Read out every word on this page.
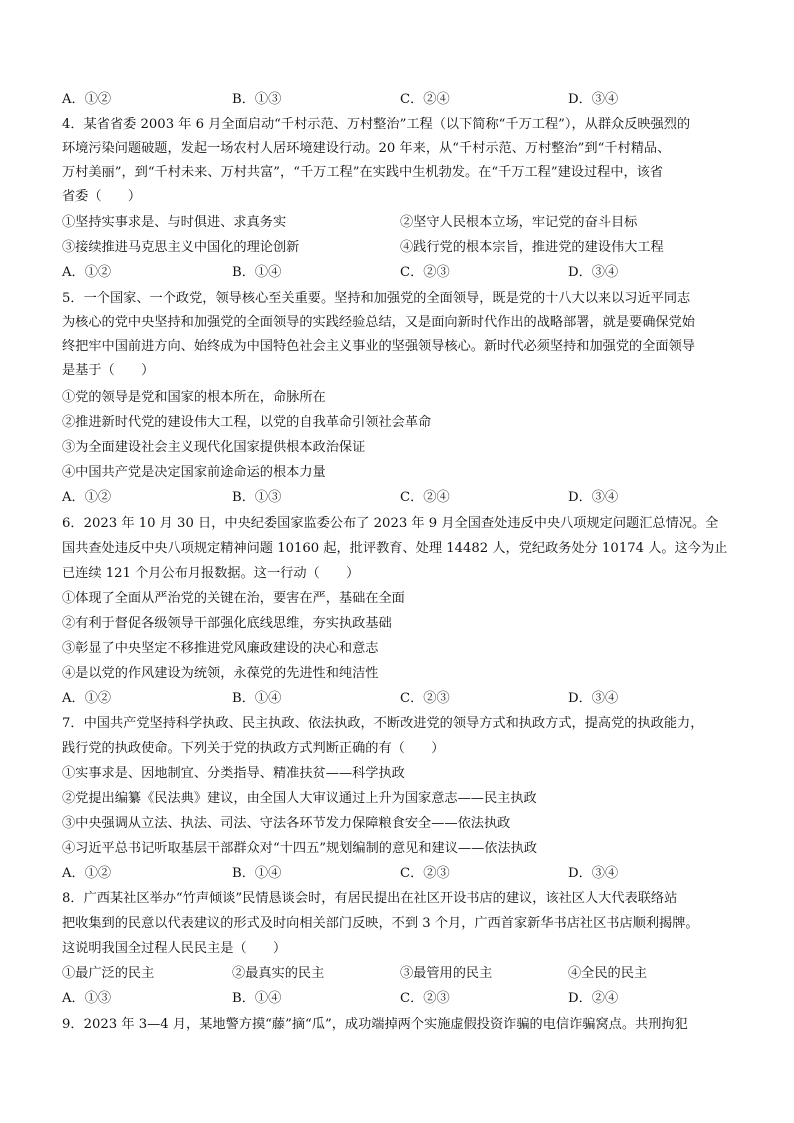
A．①②	B．①③	C．②④	D．③④
4．某省省委 2003 年 6 月全面启动“千村示范、万村整治”工程（以下简称“千万工程”），从群众反映强烈的
环境污染问题破题，发起一场农村人居环境建设行动。20 年来，从“千村示范、万村整治”到“千村精品、
万村美丽”，到“千村未来、万村共富”，“千万工程”在实践中生机勃发。在“千万工程”建设过程中，该省
省委（　　）
①坚持实事求是、与时俱进、求真务实	②坚守人民根本立场，牢记党的奋斗目标
③接续推进马克思主义中国化的理论创新	④践行党的根本宗旨，推进党的建设伟大工程
A．①②	B．①④	C．②③	D．③④
5．一个国家、一个政党，领导核心至关重要。坚持和加强党的全面领导，既是党的十八大以来以习近平同志
为核心的党中央坚持和加强党的全面领导的实践经验总结，又是面向新时代作出的战略部署，就是要确保党始
终把牢中国前进方向、始终成为中国特色社会主义事业的坚强领导核心。新时代必须坚持和加强党的全面领导
是基于（　　）
①党的领导是党和国家的根本所在，命脉所在
②推进新时代党的建设伟大工程，以党的自我革命引领社会革命
③为全面建设社会主义现代化国家提供根本政治保证
④中国共产党是决定国家前途命运的根本力量
A．①②	B．①③	C．②④	D．③④
6．2023 年 10 月 30 日，中央纪委国家监委公布了 2023 年 9 月全国查处违反中央八项规定问题汇总情况。全
国共查处违反中央八项规定精神问题 10160 起，批评教育、处理 14482 人，党纪政务处分 10174 人。这今为止
已连续 121 个月公布月报数据。这一行动（　　）
①体现了全面从严治党的关键在治，要害在严，基础在全面
②有利于督促各级领导干部强化底线思维，夯实执政基础
③彰显了中央坚定不移推进党风廉政建设的决心和意志
④是以党的作风建设为统领，永葆党的先进性和纯洁性
A．①②	B．①④	C．②③	D．③④
7．中国共产党坚持科学执政、民主执政、依法执政，不断改进党的领导方式和执政方式，提高党的执政能力，
践行党的执政使命。下列关于党的执政方式判断正确的有（　　）
①实事求是、因地制宜、分类指导、精准扶贫——科学执政
②党提出编纂《民法典》建议，由全国人大审议通过上升为国家意志——民主执政
③中央强调从立法、执法、司法、守法各环节发力保障粮食安全——依法执政
④习近平总书记听取基层干部群众对“十四五”规划编制的意见和建议——依法执政
A．①②	B．①④	C．②③	D．③④
8．广西某社区举办“竹声倾谈”民情恳谈会时，有居民提出在社区开设书店的建议，该社区人大代表联络站
把收集到的民意以代表建议的形式及时向相关部门反映，不到 3 个月，广西首家新华书店社区书店顺利揭牌。
这说明我国全过程人民民主是（　　）
①最广泛的民主	②最真实的民主	③最管用的民主	④全民的民主
A．①③	B．①④	C．②③	D．②④
9．2023 年 3—4 月，某地警方摸“藤”摘“瓜”，成功端掉两个实施虚假投资诈骗的电信诈骗窝点。共刑拘犯
